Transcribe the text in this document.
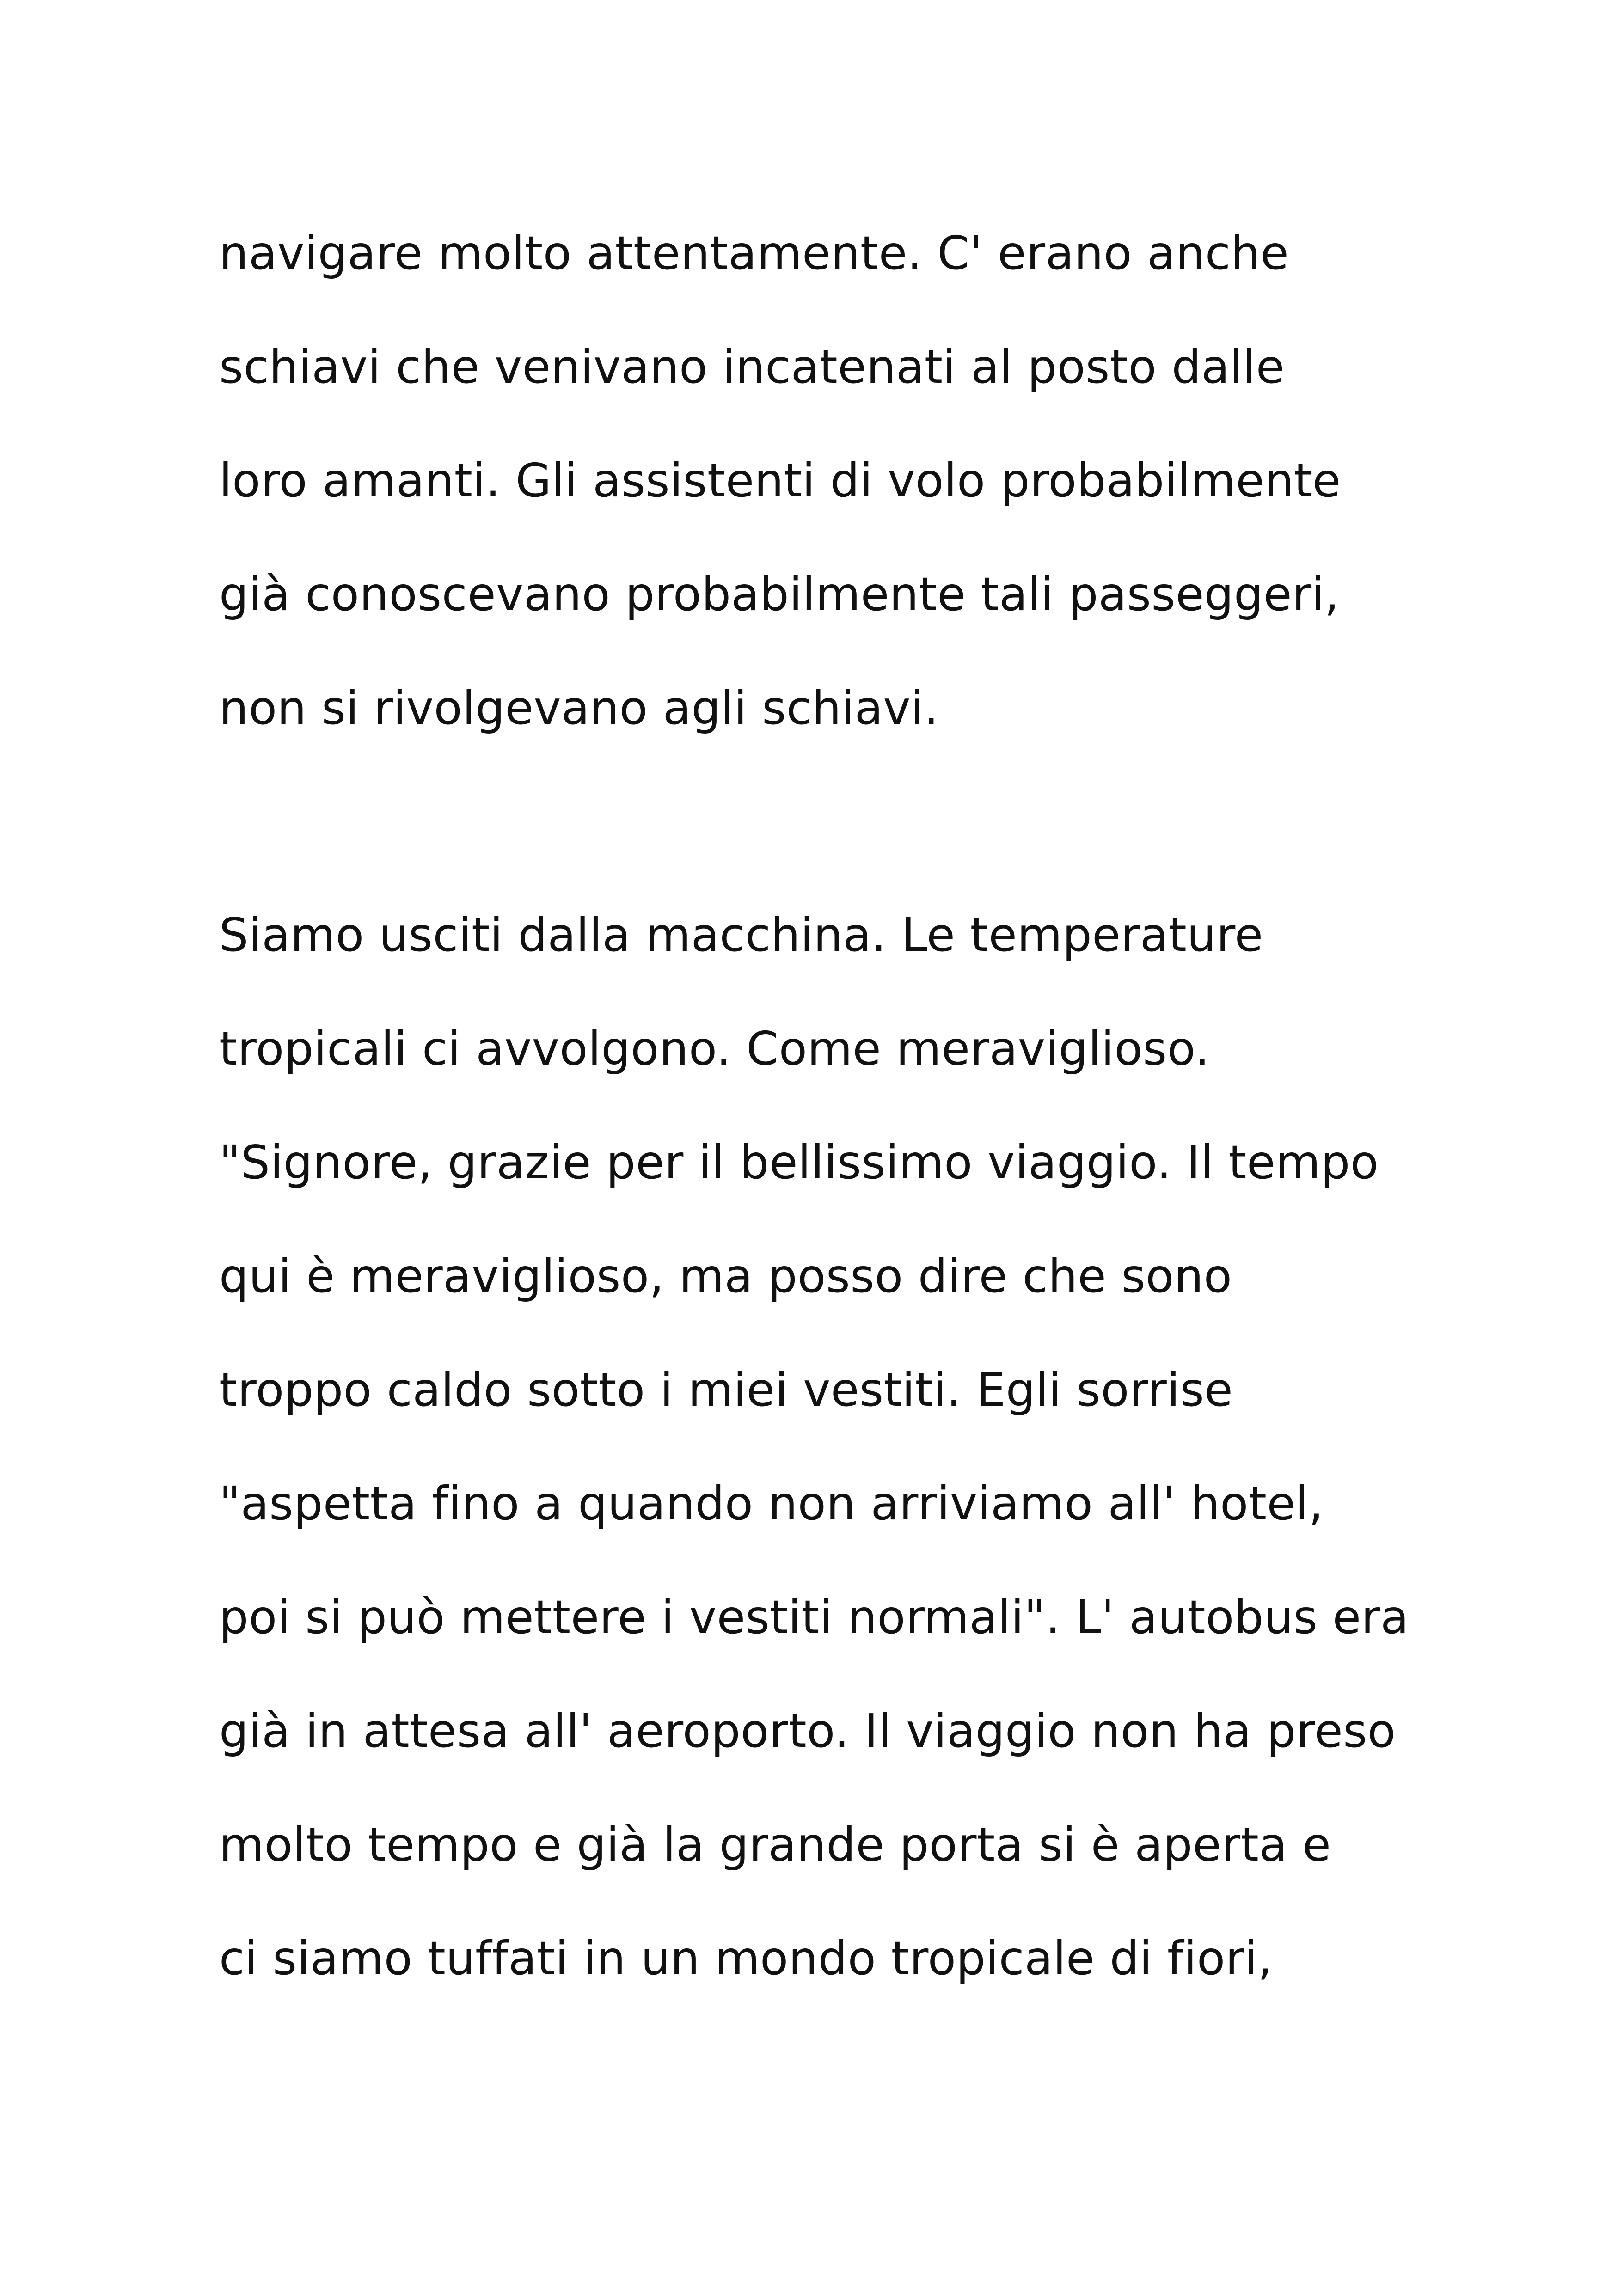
navigare molto attentamente. C' erano anche
schiavi che venivano incatenati al posto dalle
loro amanti. Gli assistenti di volo probabilmente
già conoscevano probabilmente tali passeggeri,
non si rivolgevano agli schiavi.
Siamo usciti dalla macchina. Le temperature
tropicali ci avvolgono. Come meraviglioso.
"Signore, grazie per il bellissimo viaggio. Il tempo
qui è meraviglioso, ma posso dire che sono
troppo caldo sotto i miei vestiti. Egli sorrise
"aspetta fino a quando non arriviamo all' hotel,
poi si può mettere i vestiti normali". L' autobus era
già in attesa all' aeroporto. Il viaggio non ha preso
molto tempo e già la grande porta si è aperta e
ci siamo tuffati in un mondo tropicale di fiori,
